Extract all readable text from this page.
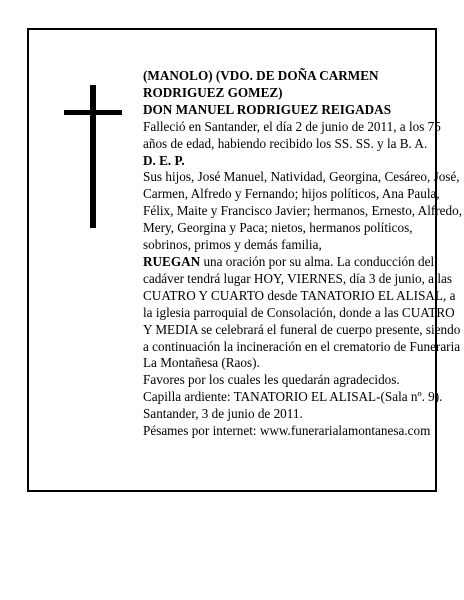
(MANOLO) (VDO. DE DOÑA CARMEN RODRIGUEZ GOMEZ)

DON MANUEL RODRIGUEZ REIGADAS

Falleció en Santander, el día 2 de junio de 2011, a los 75 años de edad, habiendo recibido los SS. SS. y la B. A.

D. E. P.

Sus hijos, José Manuel, Natividad, Georgina, Cesáreo, José, Carmen, Alfredo y Fernando; hijos políticos, Ana Paula, Félix, Maite y Francisco Javier; hermanos, Ernesto, Alfredo, Mery, Georgina y Paca; nietos, hermanos políticos, sobrinos, primos y demás familia,

RUEGAN una oración por su alma. La conducción del cadáver tendrá lugar HOY, VIERNES, día 3 de junio, a las CUATRO Y CUARTO desde TANATORIO EL ALISAL, a la iglesia parroquial de Consolación, donde a las CUATRO Y MEDIA se celebrará el funeral de cuerpo presente, siendo a continuación la incineración en el crematorio de Funeraria La Montañesa (Raos).

Favores por los cuales les quedarán agradecidos.

Capilla ardiente: TANATORIO EL ALISAL-(Sala nº. 9).

Santander, 3 de junio de 2011.

Pésames por internet: www.funerarialamontanesa.com
